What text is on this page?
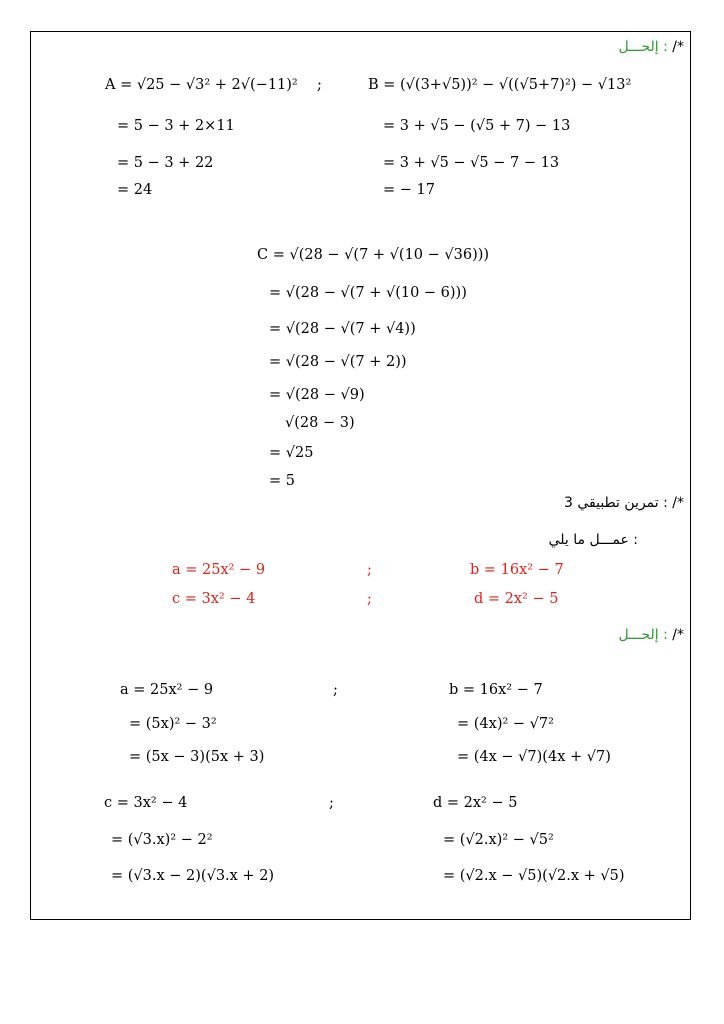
إلحـــل : /*
A = √25 − √3² + 2√(−11)² ;	B = (√(3+√5))² − √((√5+7)²) − √13²
= 5 − 3 + 2×11	= 3 + √5 − (√5 + 7) − 13
= 5 − 3 + 22	= 3 + √5 − √5 − 7 − 13
= 24	= − 17
C = √(28 − √(7 + √(10 − √36)))
= √(28 − √(7 + √(10 − 6)))
= √(28 − √(7 + √4))
= √(28 − √(7 + 2))
= √(28 − √9)
√(28 − 3)
= √25
= 5
تمرين تطبيقي 3 : /*
عمـــل ما يلي :
a = 25x² − 9	;	b = 16x² − 7
c = 3x² − 4	;	d = 2x² − 5
إلحـــل : /*
a = 25x² − 9	;	b = 16x² − 7
= (5x)² − 3²	= (4x)² − √7²
= (5x − 3)(5x + 3)	= (4x − √7)(4x + √7)
c = 3x² − 4	;	d = 2x² − 5
= (√3.x)² − 2²	= (√2.x)² − √5²
= (√3.x − 2)(√3.x + 2)	= (√2.x − √5)(√2.x + √5)
